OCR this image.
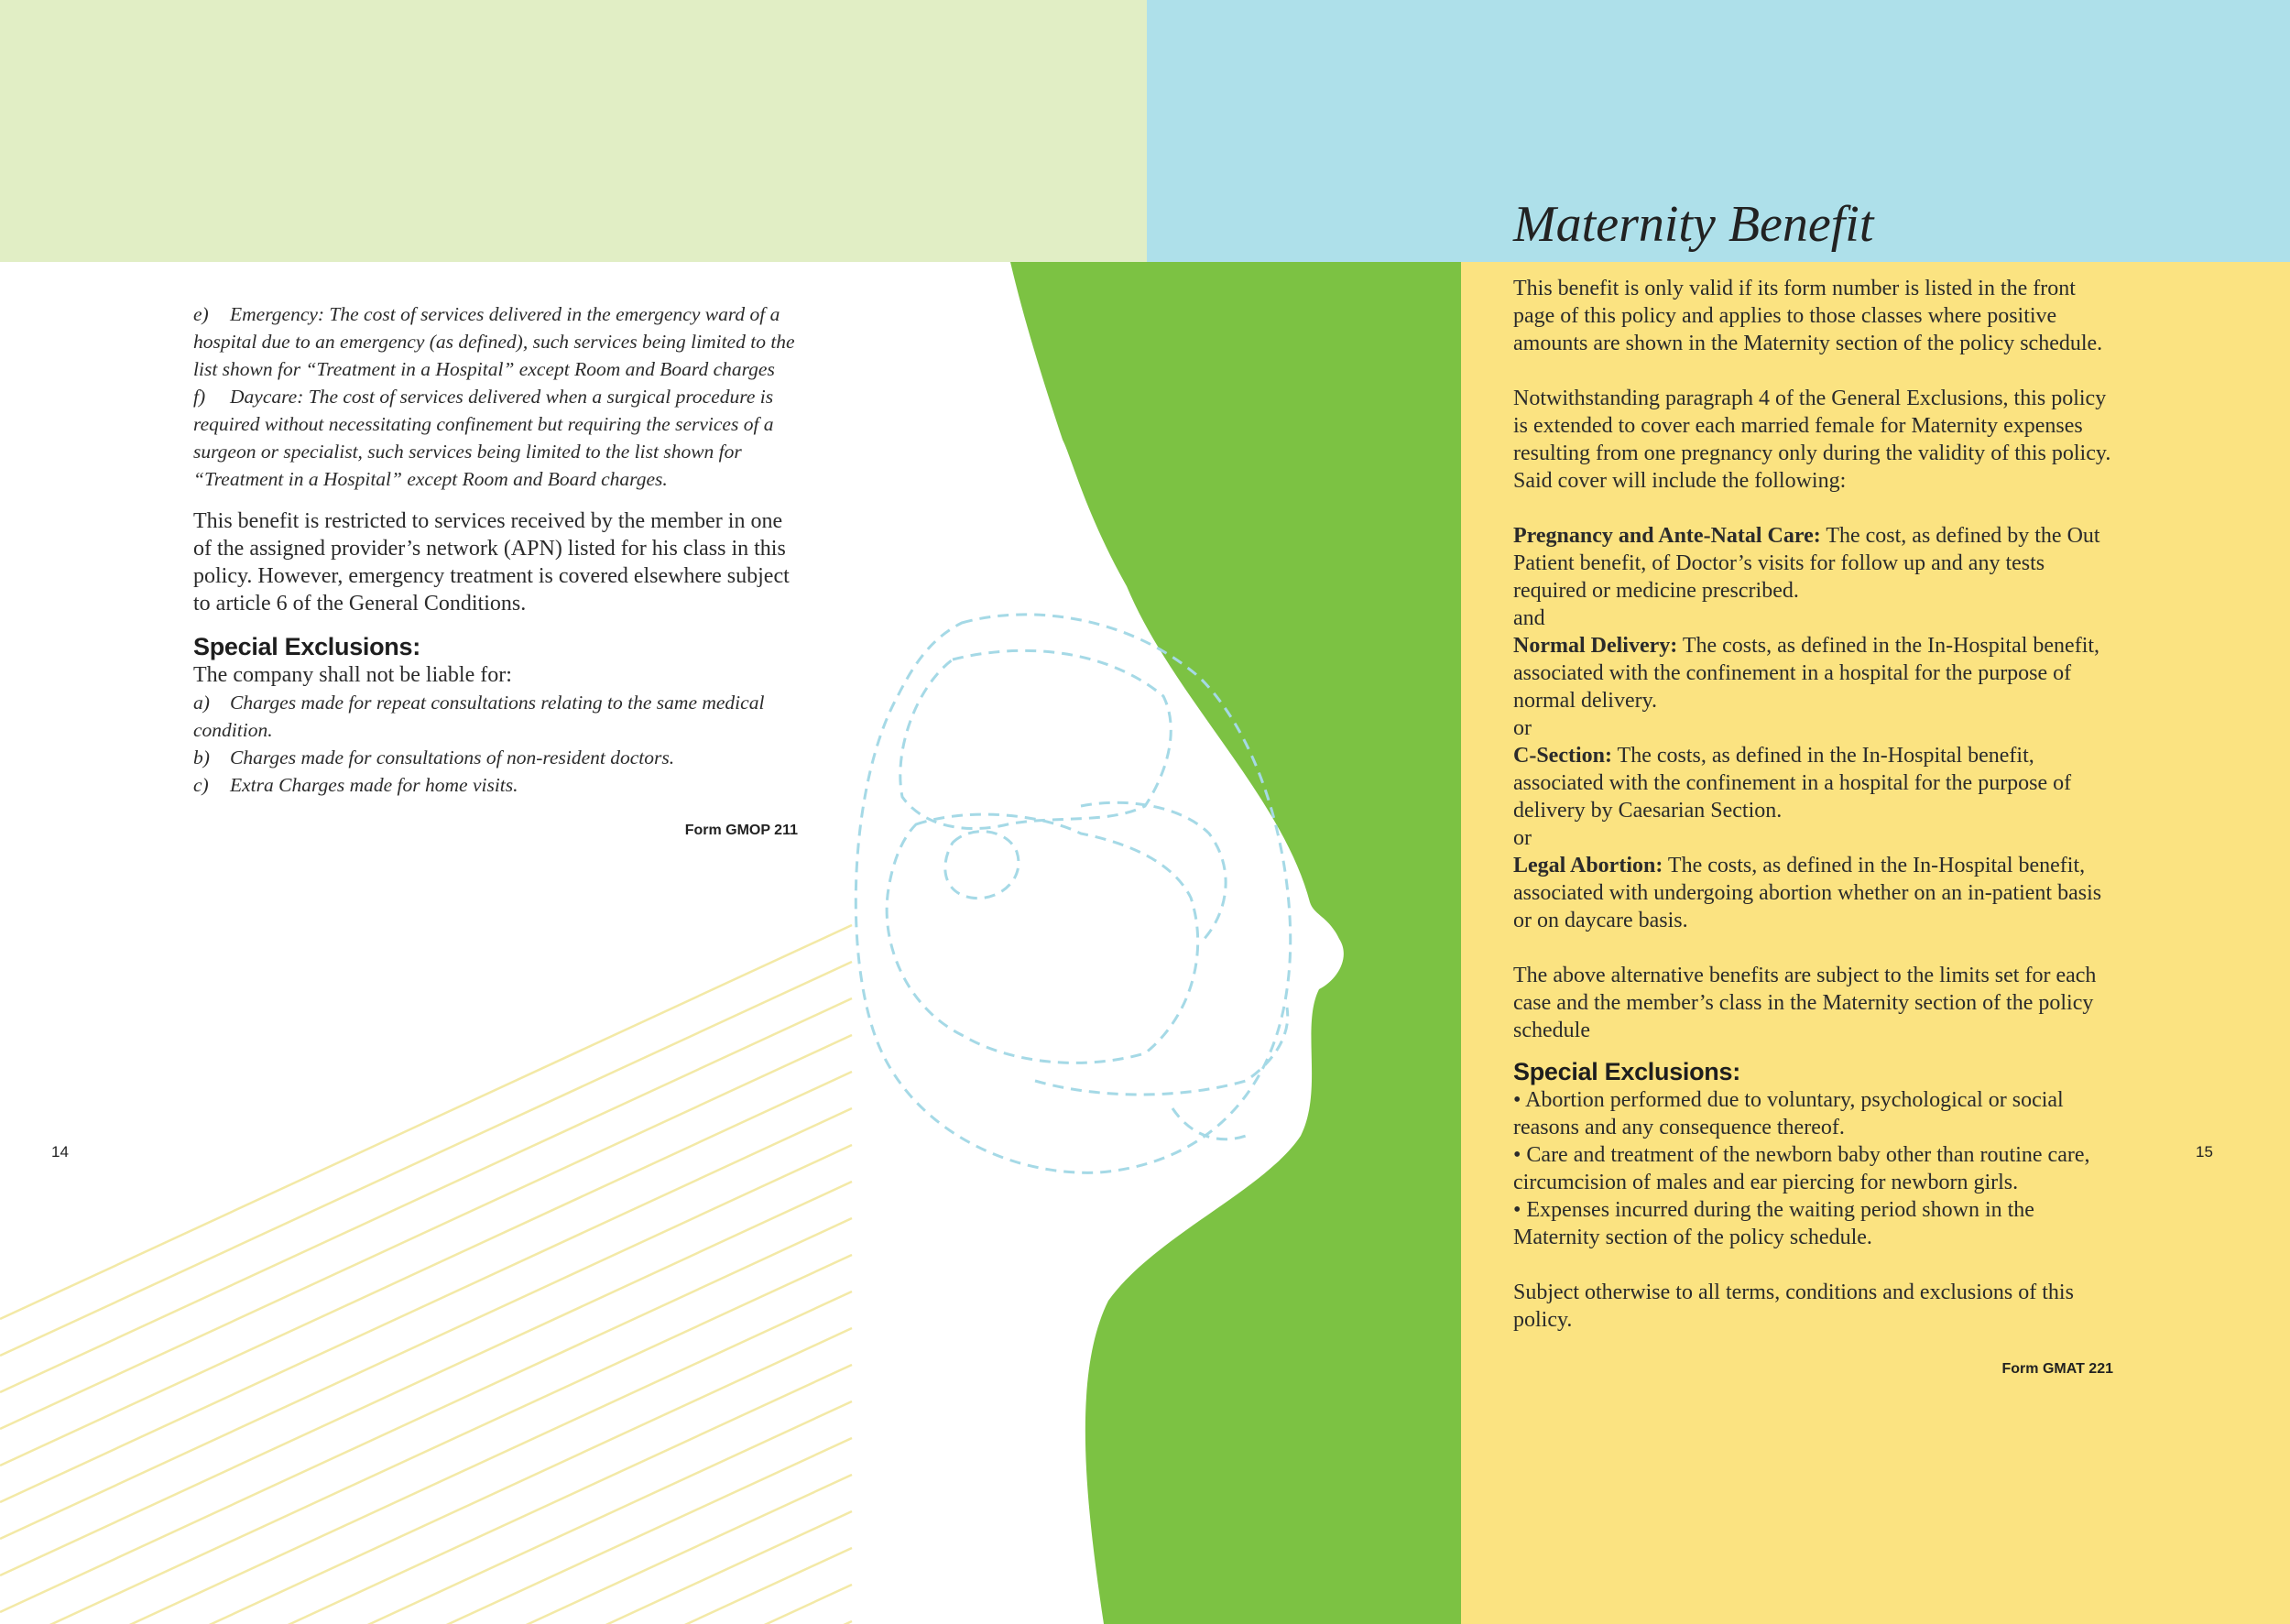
e) Emergency: The cost of services delivered in the emergency ward of a hospital due to an emergency (as defined), such services being limited to the list shown for “Treatment in a Hospital” except Room and Board charges

f) Daycare: The cost of services delivered when a surgical procedure is required without necessitating confinement but requiring the services of a surgeon or specialist, such services being limited to the list shown for “Treatment in a Hospital” except Room and Board charges.

This benefit is restricted to services received by the member in one of the assigned provider’s network (APN) listed for his class in this policy. However, emergency treatment is covered elsewhere subject to article 6 of the General Conditions.

Special Exclusions:

The company shall not be liable for:

a) Charges made for repeat consultations relating to the same medical condition.

b) Charges made for consultations of non-resident doctors.

c) Extra Charges made for home visits.

Form GMOP 211

14

Maternity Benefit

This benefit is only valid if its form number is listed in the front page of this policy and applies to those classes where positive amounts are shown in the Maternity section of the policy schedule.

Notwithstanding paragraph 4 of the General Exclusions, this policy is extended to cover each married female for Maternity expenses resulting from one pregnancy only during the validity of this policy. Said cover will include the following:

Pregnancy and Ante-Natal Care: The cost, as defined by the Out Patient benefit, of Doctor’s visits for follow up and any tests required or medicine prescribed.

and

Normal Delivery: The costs, as defined in the In-Hospital benefit, associated with the confinement in a hospital for the purpose of normal delivery.

or

C-Section: The costs, as defined in the In-Hospital benefit, associated with the confinement in a hospital for the purpose of delivery by Caesarian Section.

or

Legal Abortion: The costs, as defined in the In-Hospital benefit, associated with undergoing abortion whether on an in-patient basis or on daycare basis.

The above alternative benefits are subject to the limits set for each case and the member’s class in the Maternity section of the policy schedule

Special Exclusions:

• Abortion performed due to voluntary, psychological or social reasons and any consequence thereof.

• Care and treatment of the newborn baby other than routine care, circumcision of males and ear piercing for newborn girls.

• Expenses incurred during the waiting period shown in the Maternity section of the policy schedule.

Subject otherwise to all terms, conditions and exclusions of this policy.

Form GMAT 221

15
